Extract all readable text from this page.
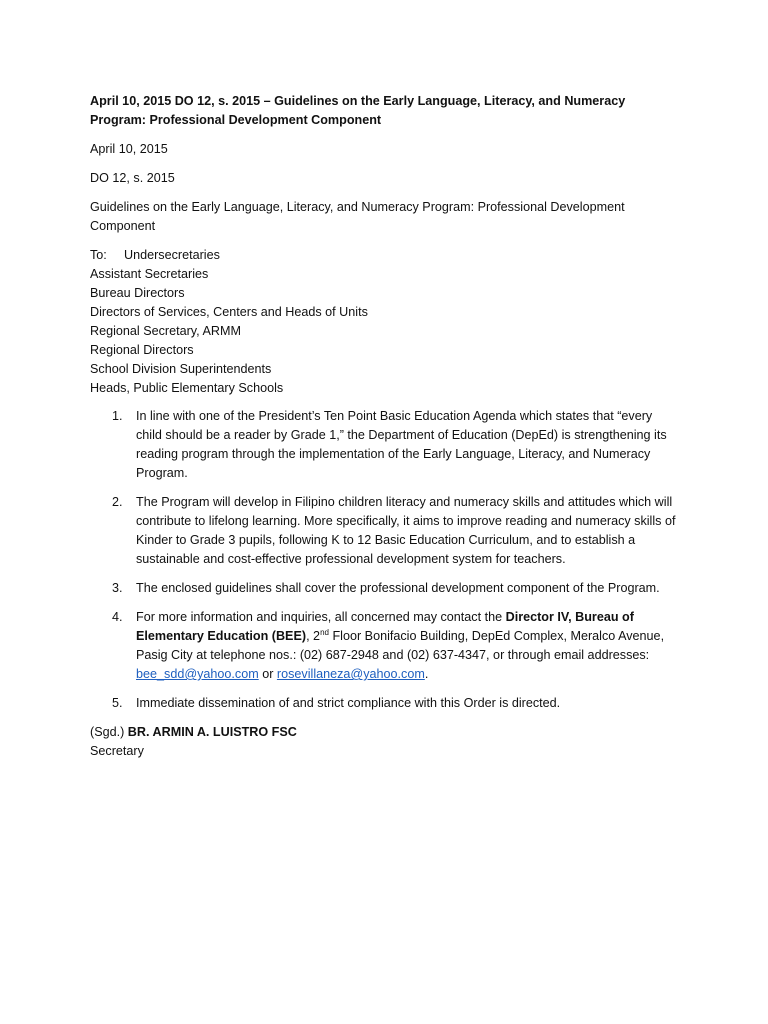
April 10, 2015 DO 12, s. 2015 – Guidelines on the Early Language, Literacy, and Numeracy Program: Professional Development Component

April 10, 2015

DO 12, s. 2015

Guidelines on the Early Language, Literacy, and Numeracy Program: Professional Development Component

To: Undersecretaries
Assistant Secretaries
Bureau Directors
Directors of Services, Centers and Heads of Units
Regional Secretary, ARMM
Regional Directors
School Division Superintendents
Heads, Public Elementary Schools
1. In line with one of the President’s Ten Point Basic Education Agenda which states that “every child should be a reader by Grade 1,” the Department of Education (DepEd) is strengthening its reading program through the implementation of the Early Language, Literacy, and Numeracy Program.
2. The Program will develop in Filipino children literacy and numeracy skills and attitudes which will contribute to lifelong learning. More specifically, it aims to improve reading and numeracy skills of Kinder to Grade 3 pupils, following K to 12 Basic Education Curriculum, and to establish a sustainable and cost-effective professional development system for teachers.
3. The enclosed guidelines shall cover the professional development component of the Program.
4. For more information and inquiries, all concerned may contact the Director IV, Bureau of Elementary Education (BEE), 2nd Floor Bonifacio Building, DepEd Complex, Meralco Avenue, Pasig City at telephone nos.: (02) 687-2948 and (02) 637-4347, or through email addresses: bee_sdd@yahoo.com or rosevillaneza@yahoo.com.
5. Immediate dissemination of and strict compliance with this Order is directed.
(Sgd.) BR. ARMIN A. LUISTRO FSC
Secretary
